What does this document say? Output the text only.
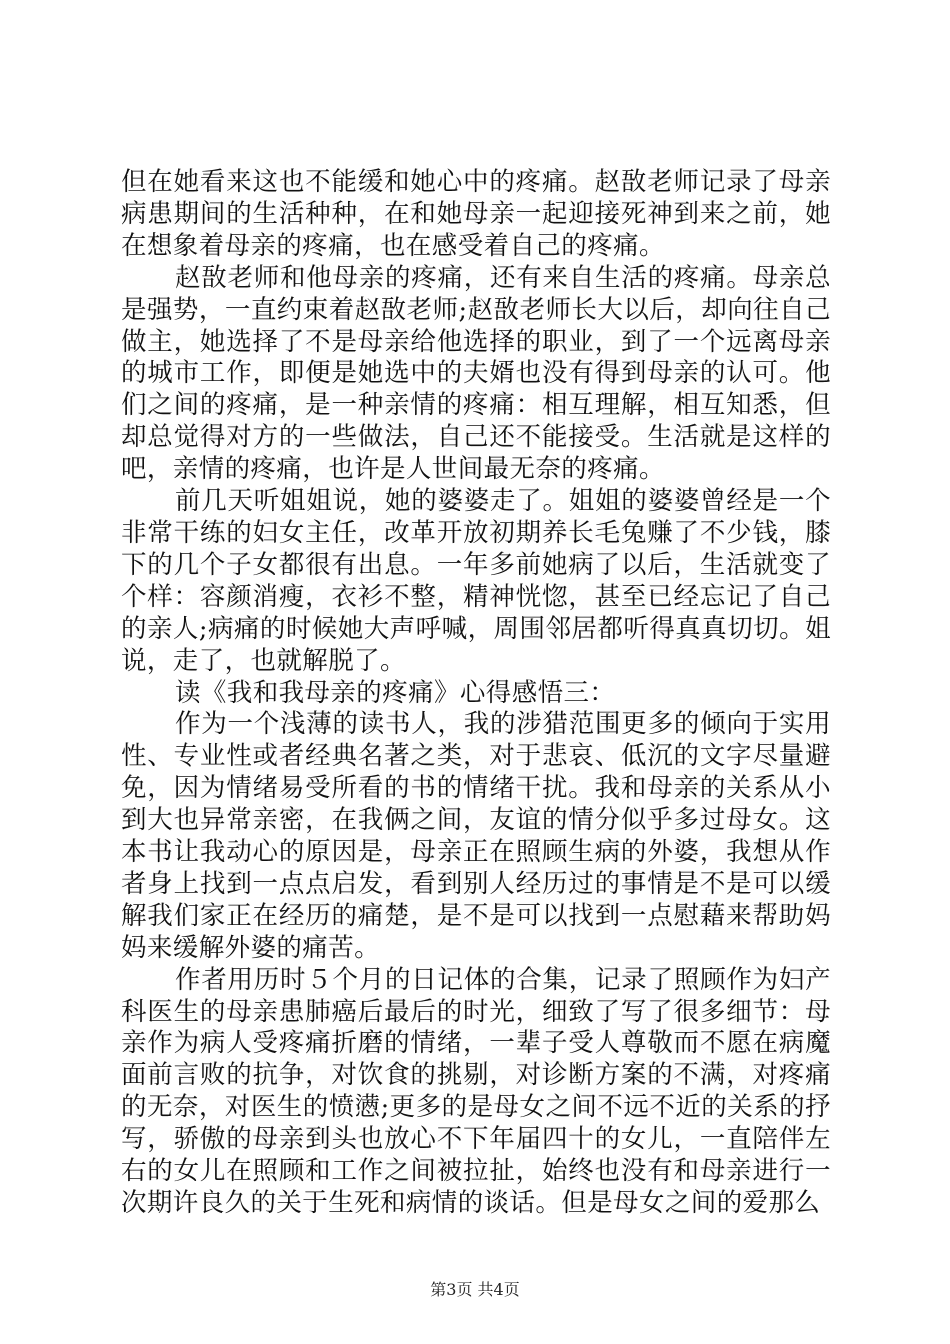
但在她看来这也不能缓和她心中的疼痛。赵敔老师记录了母亲病患期间的生活种种，在和她母亲一起迎接死神到来之前，她在想象着母亲的疼痛，也在感受着自己的疼痛。

赵敔老师和他母亲的疼痛，还有来自生活的疼痛。母亲总是强势，一直约束着赵敔老师;赵敔老师长大以后，却向往自己做主，她选择了不是母亲给他选择的职业，到了一个远离母亲的城市工作，即便是她选中的夫婿也没有得到母亲的认可。他们之间的疼痛，是一种亲情的疼痛：相互理解，相互知悉，但却总觉得对方的一些做法，自己还不能接受。生活就是这样的吧，亲情的疼痛，也许是人世间最无奈的疼痛。

前几天听姐姐说，她的婆婆走了。姐姐的婆婆曾经是一个非常干练的妇女主任，改革开放初期养长毛兔赚了不少钱，膝下的几个子女都很有出息。一年多前她病了以后，生活就变了个样：容颜消瘦，衣衫不整，精神恍惚，甚至已经忘记了自己的亲人;病痛的时候她大声呼喊，周围邻居都听得真真切切。姐说，走了，也就解脱了。

读《我和我母亲的疼痛》心得感悟三：

作为一个浅薄的读书人，我的涉猎范围更多的倾向于实用性、专业性或者经典名著之类，对于悲哀、低沉的文字尽量避免，因为情绪易受所看的书的情绪干扰。我和母亲的关系从小到大也异常亲密，在我俩之间，友谊的情分似乎多过母女。这本书让我动心的原因是，母亲正在照顾生病的外婆，我想从作者身上找到一点点启发，看到别人经历过的事情是不是可以缓解我们家正在经历的痛楚，是不是可以找到一点慰藉来帮助妈妈来缓解外婆的痛苦。

作者用历时５个月的日记体的合集，记录了照顾作为妇产科医生的母亲患肺癌后最后的时光，细致了写了很多细节：母亲作为病人受疼痛折磨的情绪，一辈子受人尊敬而不愿在病魔面前言败的抗争，对饮食的挑剔，对诊断方案的不满，对疼痛的无奈，对医生的愤懑;更多的是母女之间不远不近的关系的抒写，骄傲的母亲到头也放心不下年届四十的女儿，一直陪伴左右的女儿在照顾和工作之间被拉扯，始终也没有和母亲进行一次期许良久的关于生死和病情的谈话。但是母女之间的爱那么

第3页 共4页
